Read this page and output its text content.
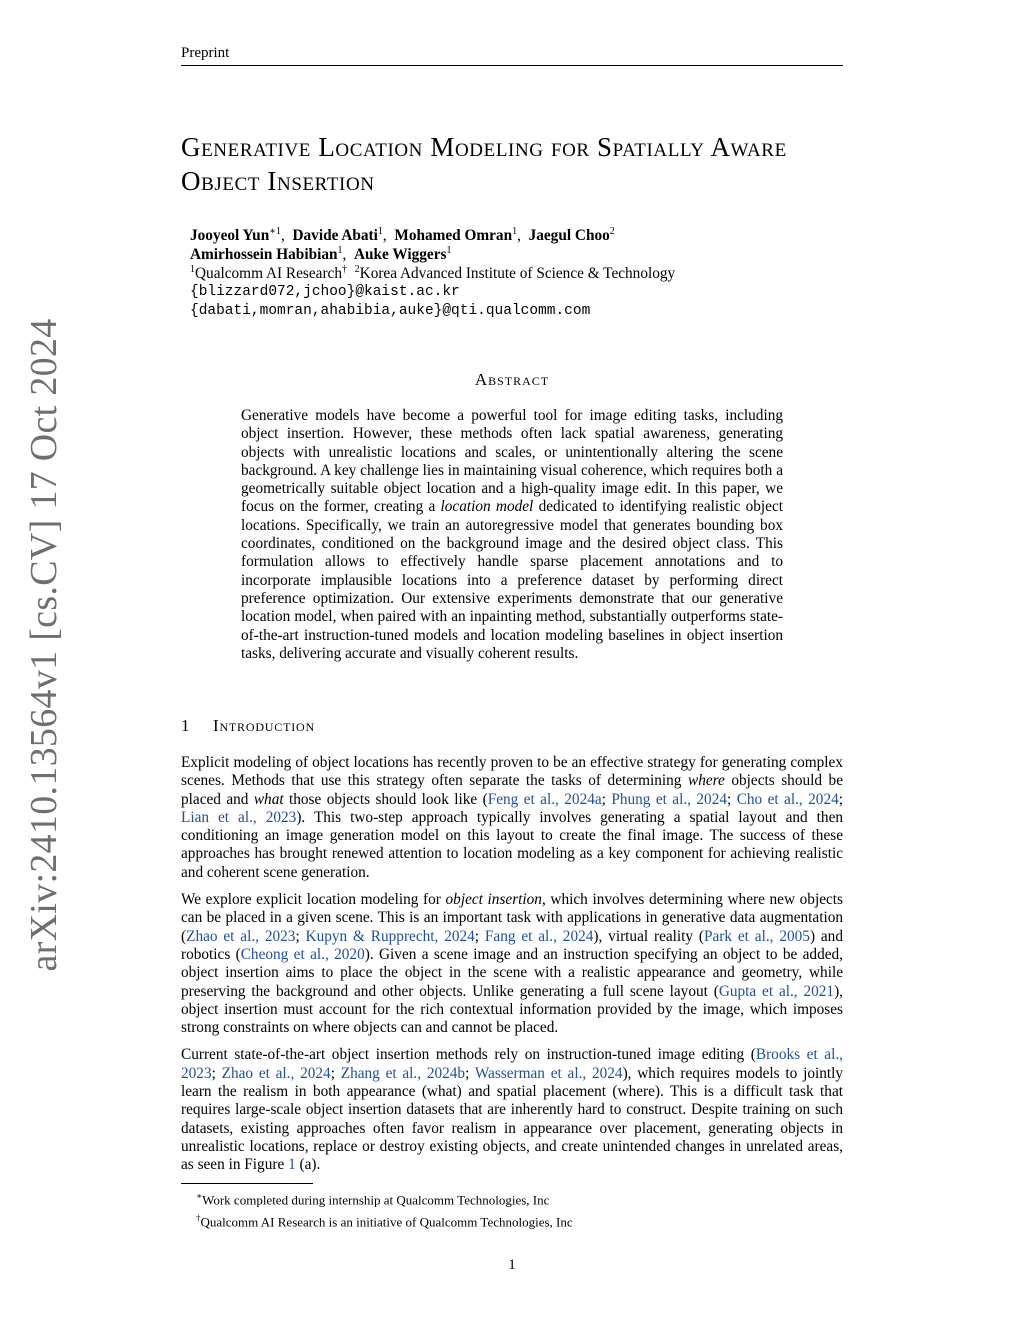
Preprint
arXiv:2410.13564v1 [cs.CV] 17 Oct 2024
Generative Location Modeling for Spatially Aware Object Insertion
Jooyeol Yun$^{∗1}$,  Davide Abati$^1$,  Mohamed Omran$^1$,  Jaegul Choo$^2$
Amirhossein Habibian$^1$,  Auke Wiggers$^1$
$^1$Qualcomm AI Research† $^2$Korea Advanced Institute of Science & Technology
{blizzard072,jchoo}@kaist.ac.kr
{dabati,momran,ahabibia,auke}@qti.qualcomm.com
Abstract

Generative models have become a powerful tool for image editing tasks, including object insertion. However, these methods often lack spatial awareness, generating objects with unrealistic locations and scales, or unintentionally altering the scene background. A key challenge lies in maintaining visual coherence, which requires both a geometrically suitable object location and a high-quality image edit. In this paper, we focus on the former, creating a location model dedicated to identifying realistic object locations. Specifically, we train an autoregressive model that generates bounding box coordinates, conditioned on the background image and the desired object class. This formulation allows to effectively handle sparse placement annotations and to incorporate implausible locations into a preference dataset by performing direct preference optimization. Our extensive experiments demonstrate that our generative location model, when paired with an inpainting method, substantially outperforms state-of-the-art instruction-tuned models and location modeling baselines in object insertion tasks, delivering accurate and visually coherent results.

1 Introduction

Explicit modeling of object locations has recently proven to be an effective strategy for generating complex scenes. Methods that use this strategy often separate the tasks of determining where objects should be placed and what those objects should look like (Feng et al., 2024a; Phung et al., 2024; Cho et al., 2024; Lian et al., 2023). This two-step approach typically involves generating a spatial layout and then conditioning an image generation model on this layout to create the final image. The success of these approaches has brought renewed attention to location modeling as a key component for achieving realistic and coherent scene generation.

We explore explicit location modeling for object insertion, which involves determining where new objects can be placed in a given scene. This is an important task with applications in generative data augmentation (Zhao et al., 2023; Kupyn & Rupprecht, 2024; Fang et al., 2024), virtual reality (Park et al., 2005) and robotics (Cheong et al., 2020). Given a scene image and an instruction specifying an object to be added, object insertion aims to place the object in the scene with a realistic appearance and geometry, while preserving the background and other objects. Unlike generating a full scene layout (Gupta et al., 2021), object insertion must account for the rich contextual information provided by the image, which imposes strong constraints on where objects can and cannot be placed.

Current state-of-the-art object insertion methods rely on instruction-tuned image editing (Brooks et al., 2023; Zhao et al., 2024; Zhang et al., 2024b; Wasserman et al., 2024), which requires models to jointly learn the realism in both appearance (what) and spatial placement (where). This is a difficult task that requires large-scale object insertion datasets that are inherently hard to construct. Despite training on such datasets, existing approaches often favor realism in appearance over placement, generating objects in unrealistic locations, replace or destroy existing objects, and create unintended changes in unrelated areas, as seen in Figure 1 (a).

∗Work completed during internship at Qualcomm Technologies, Inc
†Qualcomm AI Research is an initiative of Qualcomm Technologies, Inc
1
